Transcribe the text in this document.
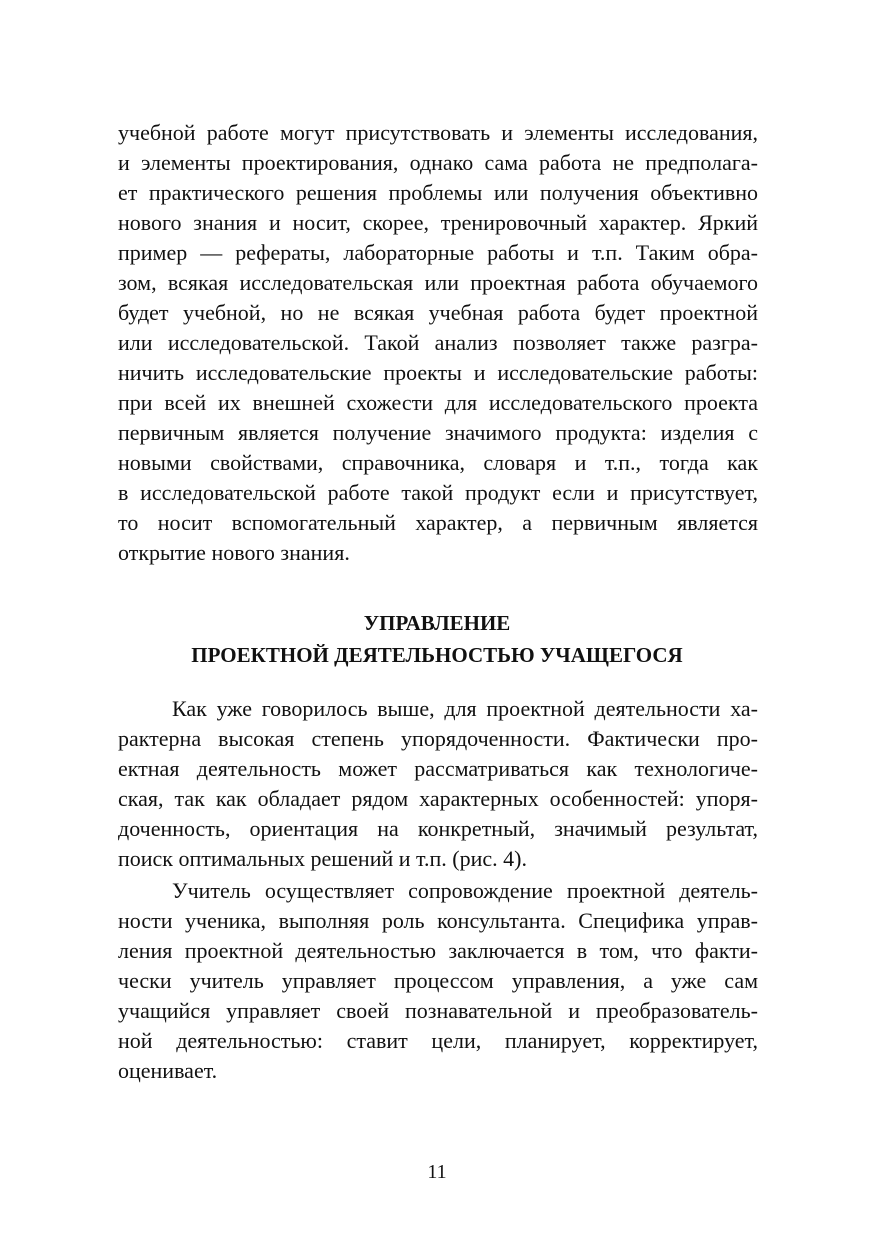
учебной работе могут присутствовать и элементы исследования,
и элементы проектирования, однако сама работа не предполага-
ет практического решения проблемы или получения объективно
нового знания и носит, скорее, тренировочный характер. Яркий
пример — рефераты, лабораторные работы и т.п. Таким обра-
зом, всякая исследовательская или проектная работа обучаемого
будет учебной, но не всякая учебная работа будет проектной
или исследовательской. Такой анализ позволяет также разгра-
ничить исследовательские проекты и исследовательские работы:
при всей их внешней схожести для исследовательского проекта
первичным является получение значимого продукта: изделия с
новыми свойствами, справочника, словаря и т.п., тогда как
в исследовательской работе такой продукт если и присутствует,
то носит вспомогательный характер, а первичным является
открытие нового знания.
УПРАВЛЕНИЕ
ПРОЕКТНОЙ ДЕЯТЕЛЬНОСТЬЮ УЧАЩЕГОСЯ
Как уже говорилось выше, для проектной деятельности ха-
рактерна высокая степень упорядоченности. Фактически про-
ектная деятельность может рассматриваться как технологиче-
ская, так как обладает рядом характерных особенностей: упоря-
доченность, ориентация на конкретный, значимый результат,
поиск оптимальных решений и т.п. (рис. 4).
Учитель осуществляет сопровождение проектной деятель-
ности ученика, выполняя роль консультанта. Специфика управ-
ления проектной деятельностью заключается в том, что факти-
чески учитель управляет процессом управления, а уже сам
учащийся управляет своей познавательной и преобразователь-
ной деятельностью: ставит цели, планирует, корректирует,
оценивает.
11
